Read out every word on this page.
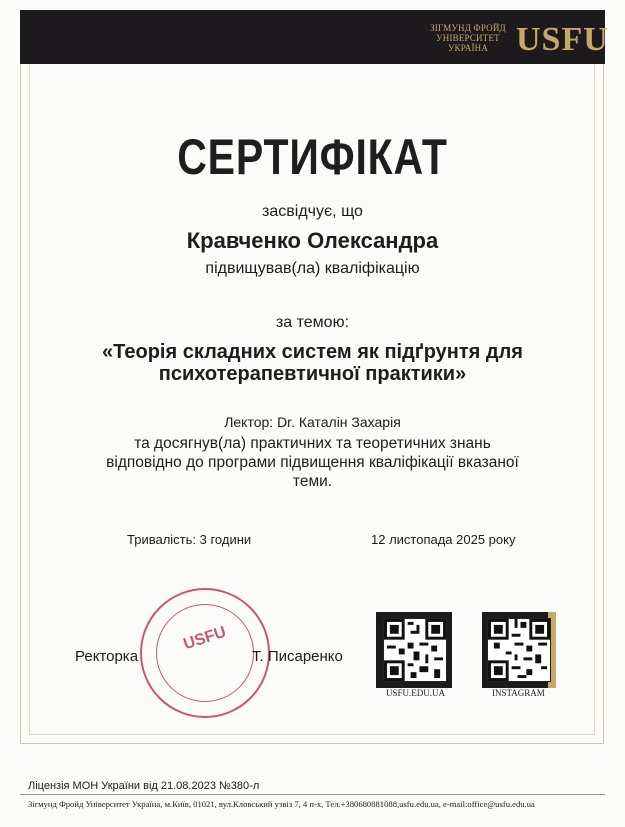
ЗІГМУНД ФРОЙД
УНІВЕРСИТЕТ
УКРАЇНА USFU
СЕРТИФІКАТ
засвідчує, що
Кравченко Олександра
підвищував(ла) кваліфікацію
за темою:
«Теорія складних систем як підґрунтя для
психотерапевтичної практики»
Лектор: Dr. Каталін Захарія
та досягнув(ла) практичних та теоретичних знань
відповідно до програми підвищення кваліфікації вказаної
теми.
Тривалість: 3 години	12 листопада 2025 року
USFU
Ректорка	Т. Писаренко
USFU.EDU.UA	INSTAGRAM
Ліцензія МОН України від 21.08.2023 №380-л
Зігмунд Фройд Університет Україна, м.Київ, 01021, вул.Кловський узвіз 7, 4 п-х, Тел.+380680881088,usfu.edu.ua, e-mail:office@usfu.edu.ua
